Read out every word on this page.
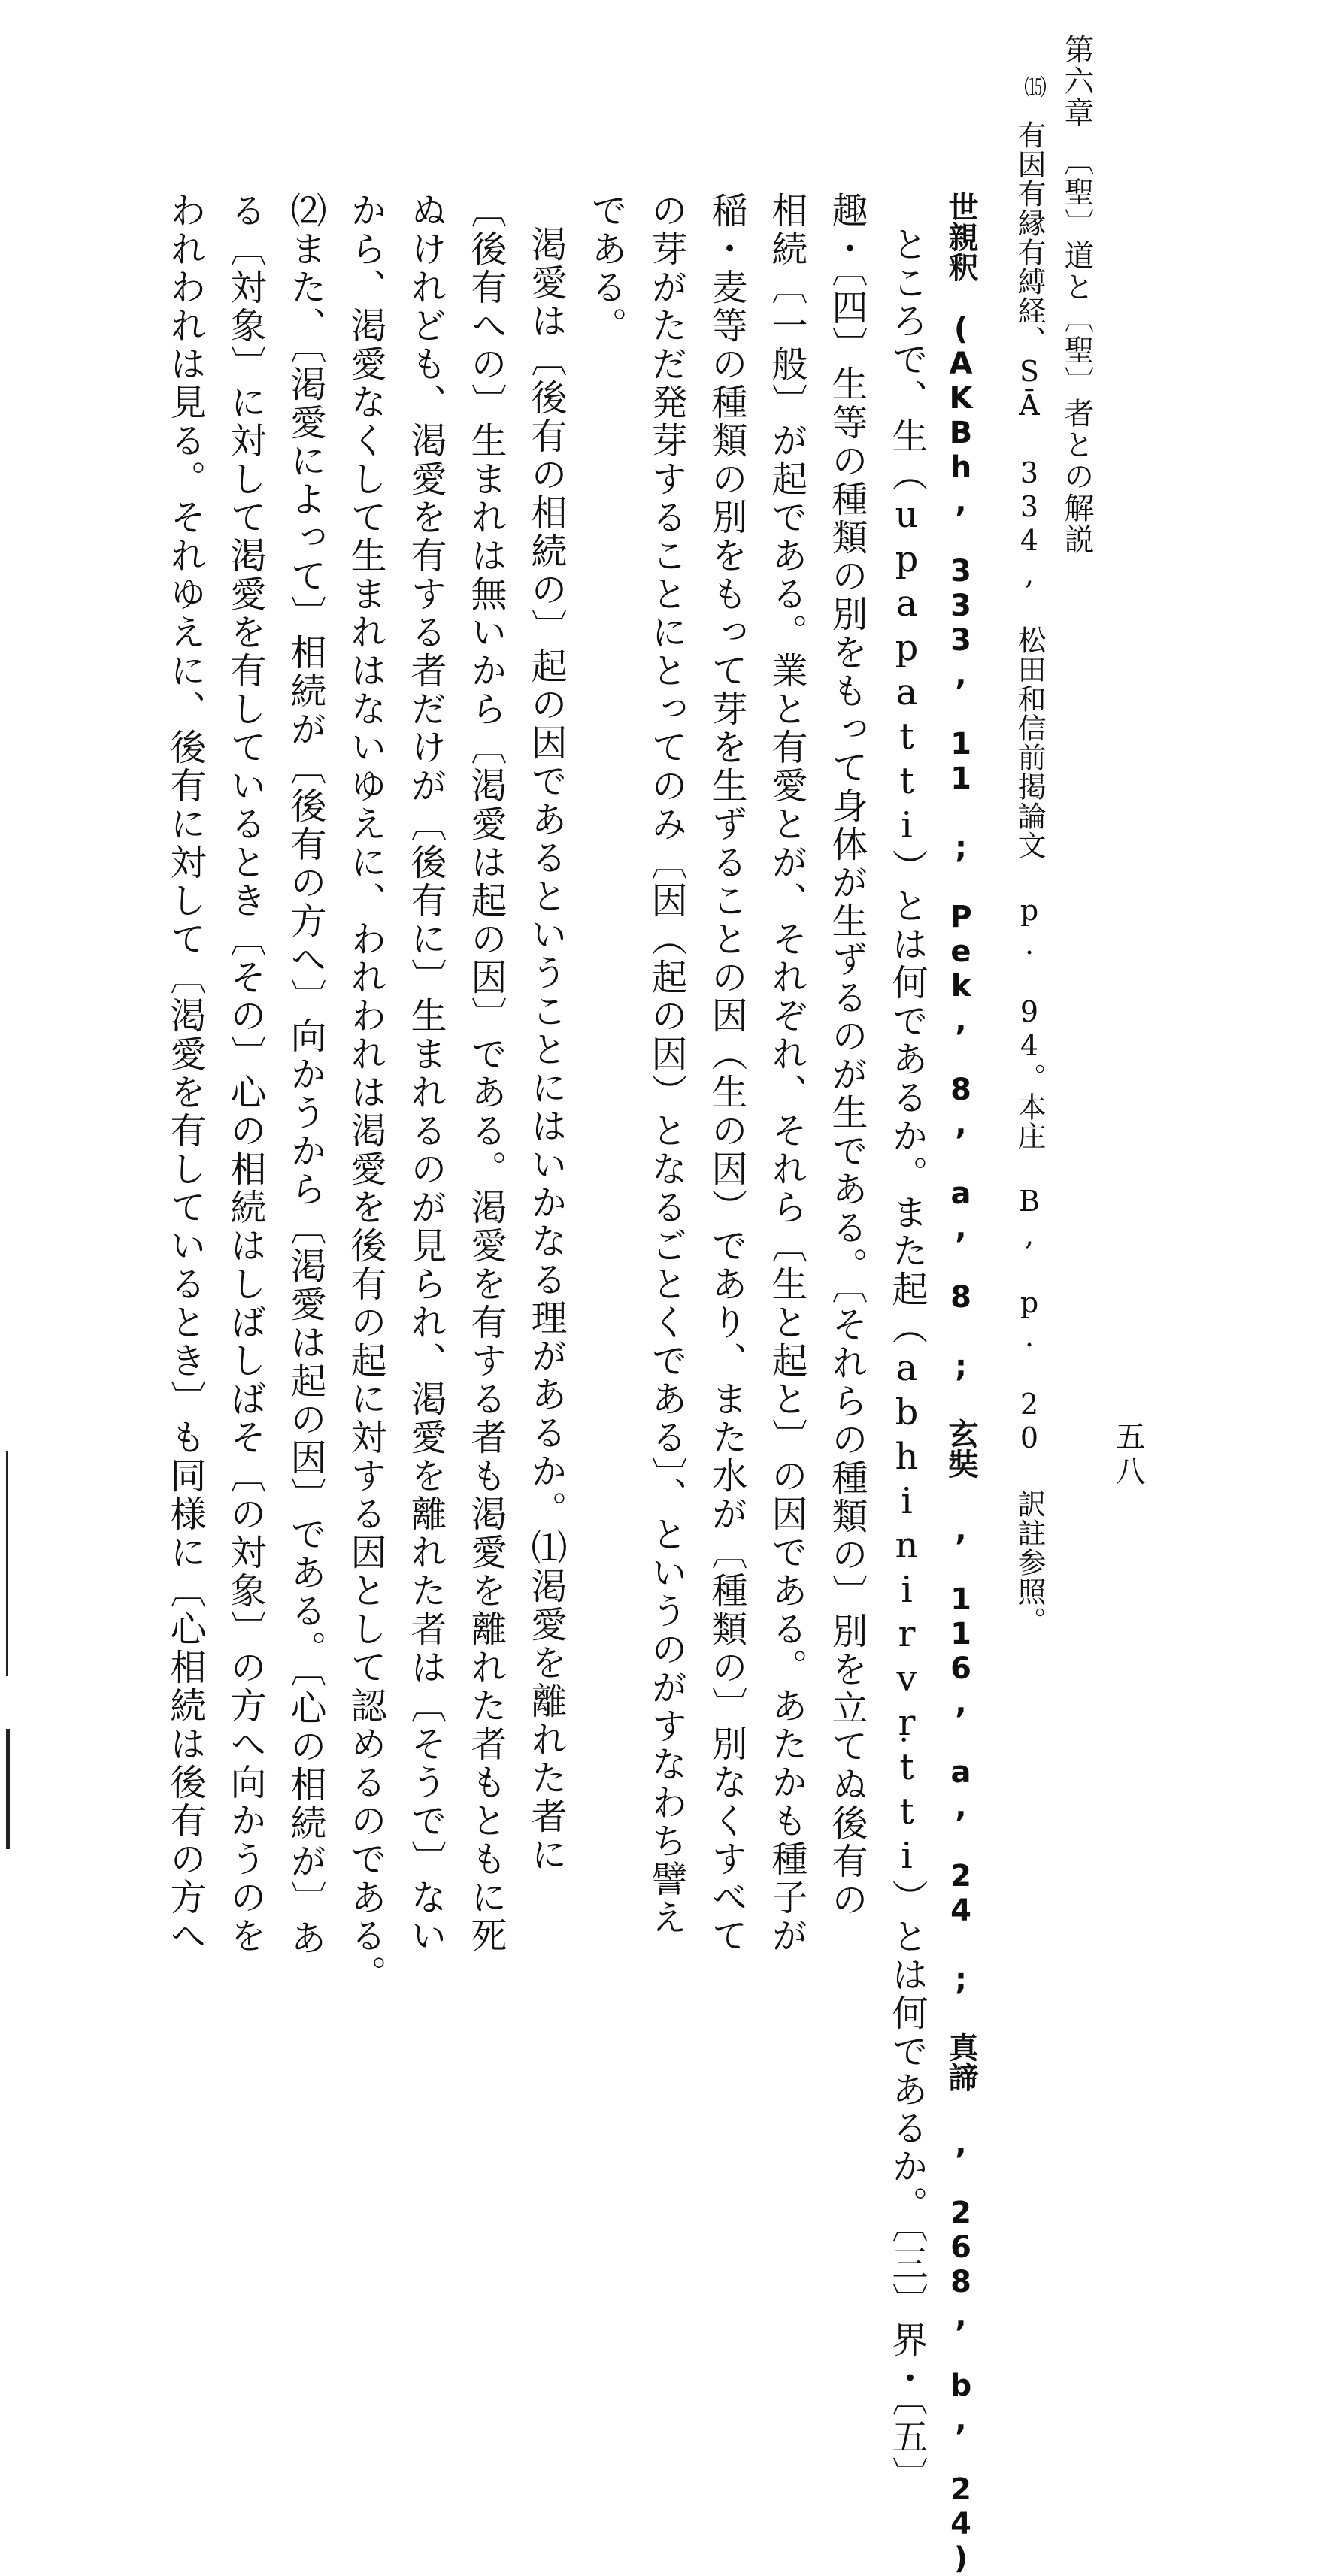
五八
第六章　〔聖〕道と〔聖〕者との解説
⒂
有因有縁有縛経、SĀ 334, 松田和信前掲論文 p. 94。本庄 B, p. 20 訳註参照。
世親釈　(AKBh, 333, 11 ; Pek, 8, a, 8 ; 玄奘 , 116, a, 24 ; 真諦 , 268, b, 24)
ところで、生（upapatti）とは何であるか。また起（abhinirvṛtti）とは何であるか。〔三〕界・〔五〕
趣・〔四〕生等の種類の別をもって身体が生ずるのが生である。〔それらの種類の〕別を立てぬ後有の
相続〔一般〕が起である。業と有愛とが、それぞれ、それら〔生と起と〕の因である。あたかも種子が
稲・麦等の種類の別をもって芽を生ずることの因（生の因）であり、また水が〔種類の〕別なくすべて
の芽がただ発芽することにとってのみ〔因（起の因）となるごとくである〕、というのがすなわち譬え
である。
渇愛は〔後有の相続の〕起の因であるということにはいかなる理があるか。⑴渇愛を離れた者に
〔後有への〕生まれは無いから〔渇愛は起の因〕である。渇愛を有する者も渇愛を離れた者もともに死
ぬけれども、渇愛を有する者だけが〔後有に〕生まれるのが見られ、渇愛を離れた者は〔そうで〕ない
から、渇愛なくして生まれはないゆえに、われわれは渇愛を後有の起に対する因として認めるのである。
⑵また、〔渇愛によって〕相続が〔後有の方へ〕向かうから〔渇愛は起の因〕である。〔心の相続が〕あ
る〔対象〕に対して渇愛を有しているとき〔その〕心の相続はしばしばそ〔の対象〕の方へ向かうのを
われわれは見る。それゆえに、後有に対して〔渇愛を有しているとき〕も同様に〔心相続は後有の方へ
